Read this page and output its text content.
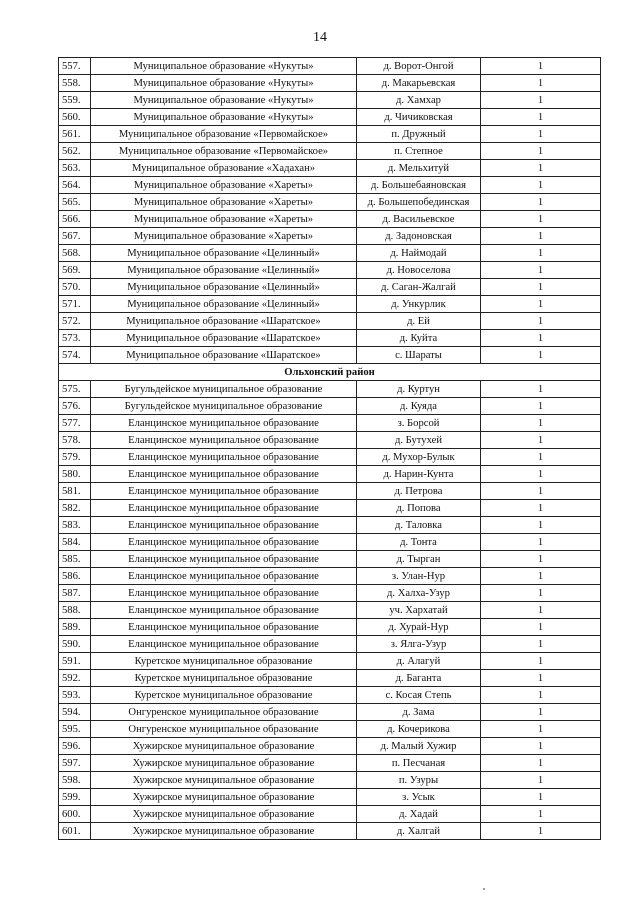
14
557.	Муниципальное образование «Нукуты»	д. Ворот-Онгой	1
558.	Муниципальное образование «Нукуты»	д. Макарьевская	1
559.	Муниципальное образование «Нукуты»	д. Хамхар	1
560.	Муниципальное образование «Нукуты»	д. Чичиковская	1
561.	Муниципальное образование «Первомайское»	п. Дружный	1
562.	Муниципальное образование «Первомайское»	п. Степное	1
563.	Муниципальное образование «Хадахан»	д. Мельхитуй	1
564.	Муниципальное образование «Хареты»	д. Большебаяновская	1
565.	Муниципальное образование «Хареты»	д. Большепобединская	1
566.	Муниципальное образование «Хареты»	д. Васильевское	1
567.	Муниципальное образование «Хареты»	д. Задоновская	1
568.	Муниципальное образование «Целинный»	д. Наймодай	1
569.	Муниципальное образование «Целинный»	д. Новоселова	1
570.	Муниципальное образование «Целинный»	д. Саган-Жалгай	1
571.	Муниципальное образование «Целинный»	д. Ункурлик	1
572.	Муниципальное образование «Шаратское»	д. Ей	1
573.	Муниципальное образование «Шаратское»	д. Куйта	1
574.	Муниципальное образование «Шаратское»	с. Шараты	1
Ольхонский район			
575.	Бугульдейское муниципальное образование	д. Куртун	1
576.	Бугульдейское муниципальное образование	д. Куяда	1
577.	Еланцинское муниципальное образование	з. Борсой	1
578.	Еланцинское муниципальное образование	д. Бутухей	1
579.	Еланцинское муниципальное образование	д. Мухор-Булык	1
580.	Еланцинское муниципальное образование	д. Нарин-Кунта	1
581.	Еланцинское муниципальное образование	д. Петрова	1
582.	Еланцинское муниципальное образование	д. Попова	1
583.	Еланцинское муниципальное образование	д. Таловка	1
584.	Еланцинское муниципальное образование	д. Тонта	1
585.	Еланцинское муниципальное образование	д. Тырган	1
586.	Еланцинское муниципальное образование	з. Улан-Нур	1
587.	Еланцинское муниципальное образование	д. Халха-Узур	1
588.	Еланцинское муниципальное образование	уч. Хархатай	1
589.	Еланцинское муниципальное образование	д. Хурай-Нур	1
590.	Еланцинское муниципальное образование	з. Ялга-Узур	1
591.	Куретское муниципальное образование	д. Алагуй	1
592.	Куретское муниципальное образование	д. Баганта	1
593.	Куретское муниципальное образование	с. Косая Степь	1
594.	Онгуренское муниципальное образование	д. Зама	1
595.	Онгуренское муниципальное образование	д. Кочерикова	1
596.	Хужирское муниципальное образование	д. Малый Хужир	1
597.	Хужирское муниципальное образование	п. Песчаная	1
598.	Хужирское муниципальное образование	п. Узуры	1
599.	Хужирское муниципальное образование	з. Усык	1
600.	Хужирское муниципальное образование	д. Хадай	1
601.	Хужирское муниципальное образование	д. Халгай	1
